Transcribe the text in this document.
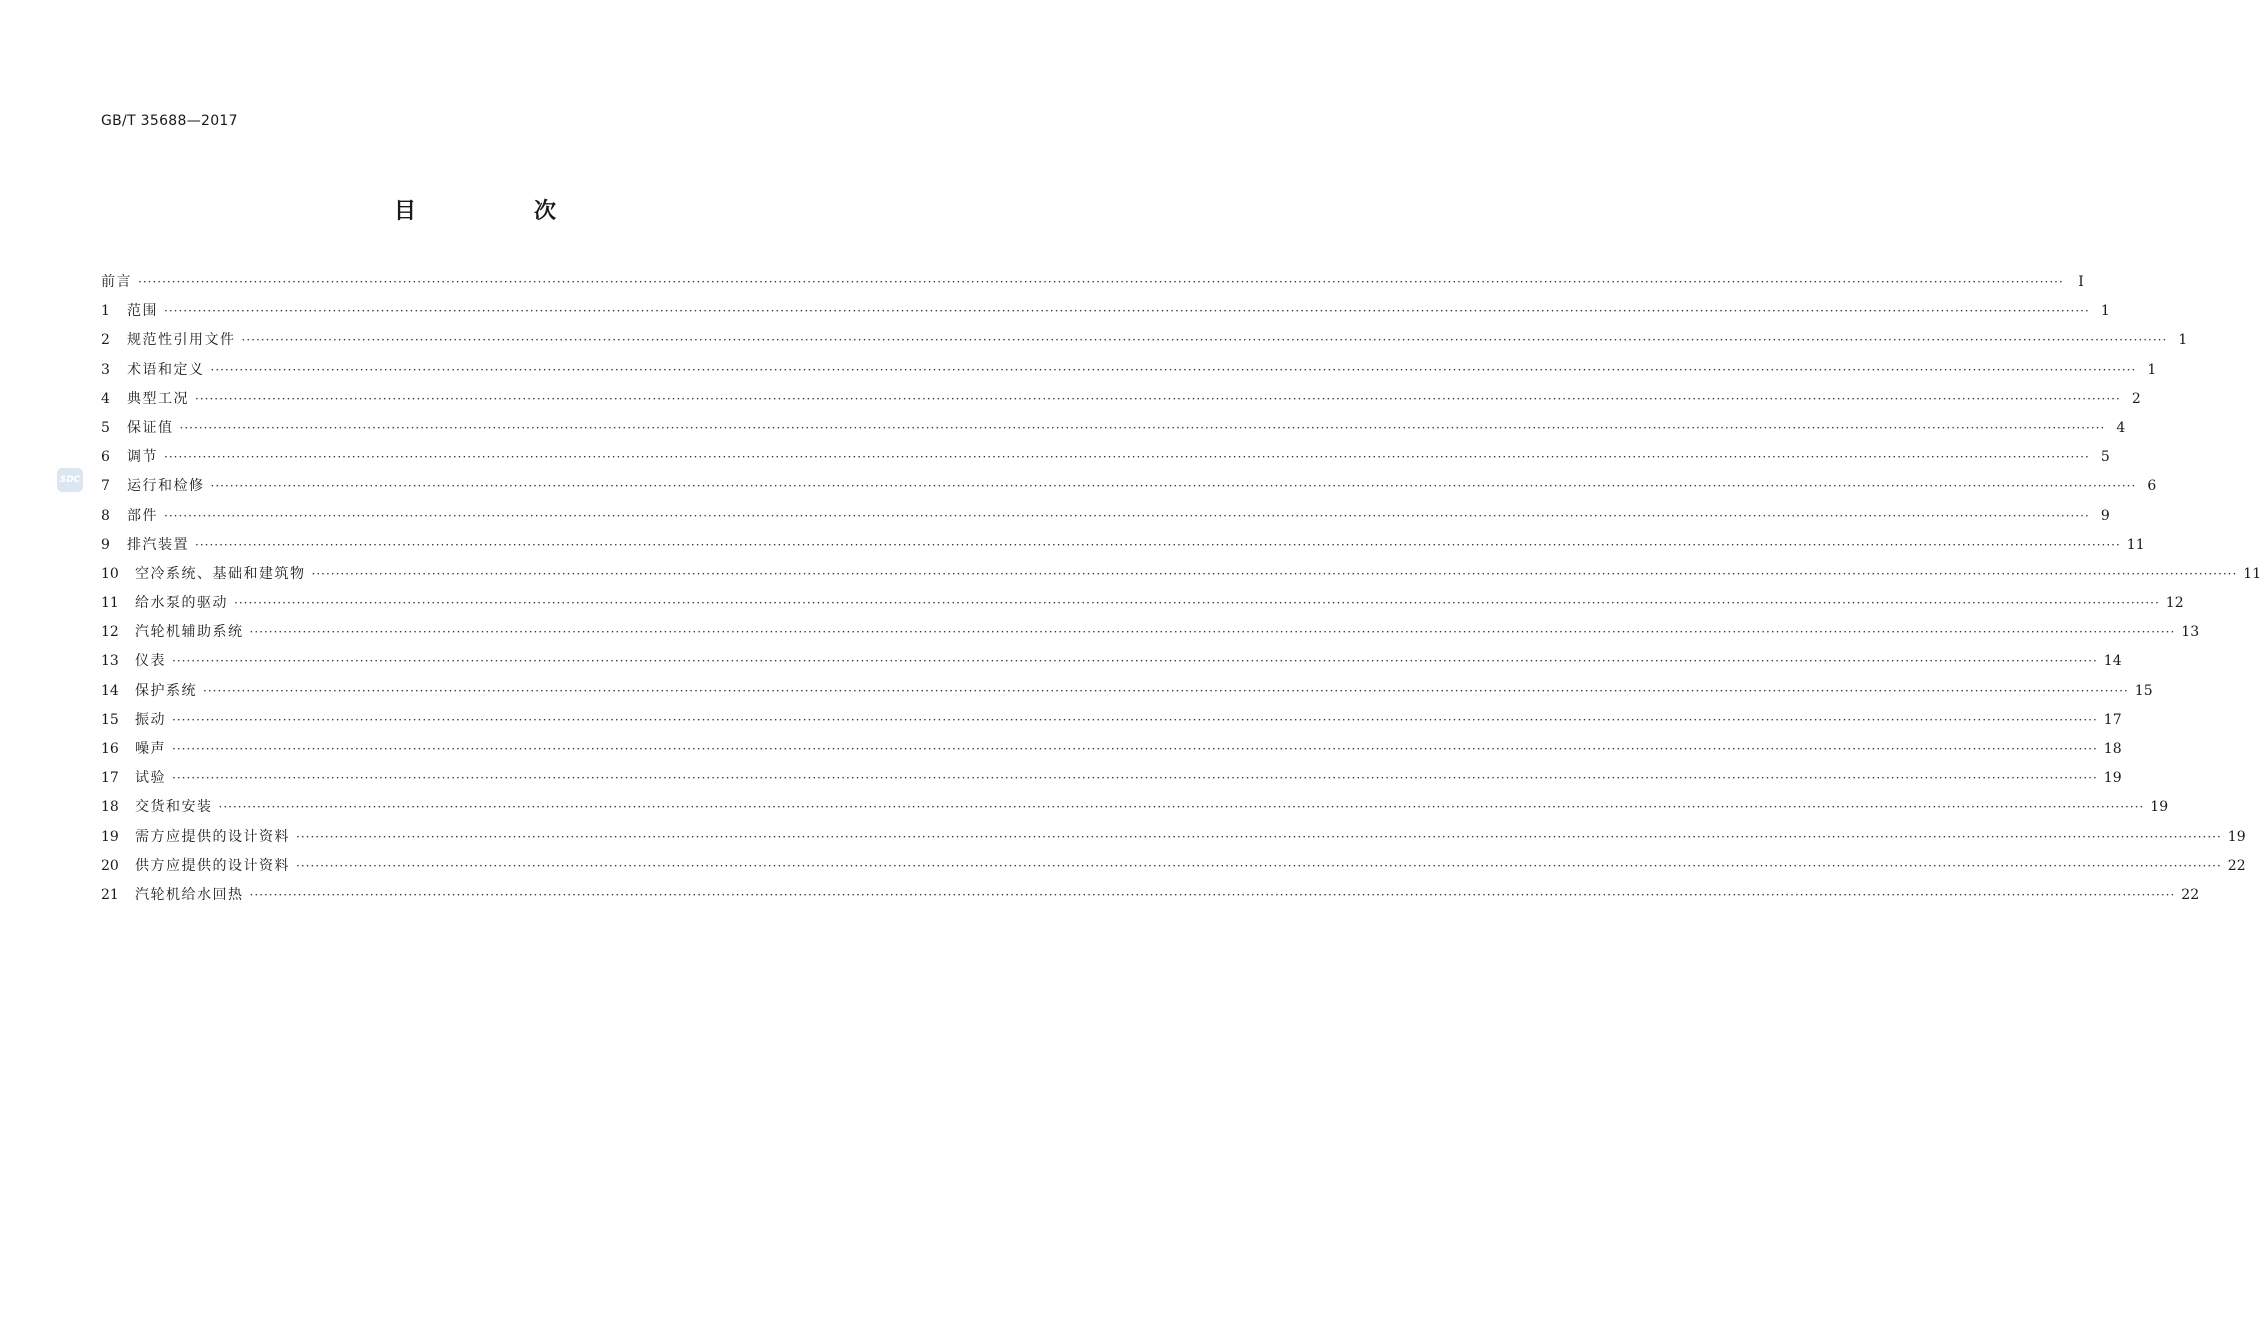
GB/T 35688—2017
目　次
SDC
前言 ················································································································································································································································································································································································································	Ⅰ
1	范围 ················································································································································································································································································································································································································ 1
2	规范性引用文件 ················································································································································································································································································································································································································ 1
3	术语和定义 ················································································································································································································································································································································································································ 1
4	典型工况 ················································································································································································································································································································································································································ 2
5	保证值 ················································································································································································································································································································································································································ 4
6	调节 ················································································································································································································································································································································································································ 5
7	运行和检修 ················································································································································································································································································································································································································ 6
8	部件 ················································································································································································································································································································································································································ 9
9	排汽装置 ················································································································································································································································································································································································································ 11
10	空冷系统、基础和建筑物 ················································································································································································································································································································································································································ 11
11	给水泵的驱动 ················································································································································································································································································································································································································ 12
12	汽轮机辅助系统 ················································································································································································································································································································································································································ 13
13	仪表 ················································································································································································································································································································································································································ 14
14	保护系统 ················································································································································································································································································································································································································ 15
15	振动 ················································································································································································································································································································································································································ 17
16	噪声 ················································································································································································································································································································································································································ 18
17	试验 ················································································································································································································································································································································································································ 19
18	交货和安装 ················································································································································································································································································································································································································ 19
19	需方应提供的设计资料 ················································································································································································································································································································································································································ 19
20	供方应提供的设计资料 ················································································································································································································································································································································································································ 22
21	汽轮机给水回热 ················································································································································································································································································································································································································ 22
